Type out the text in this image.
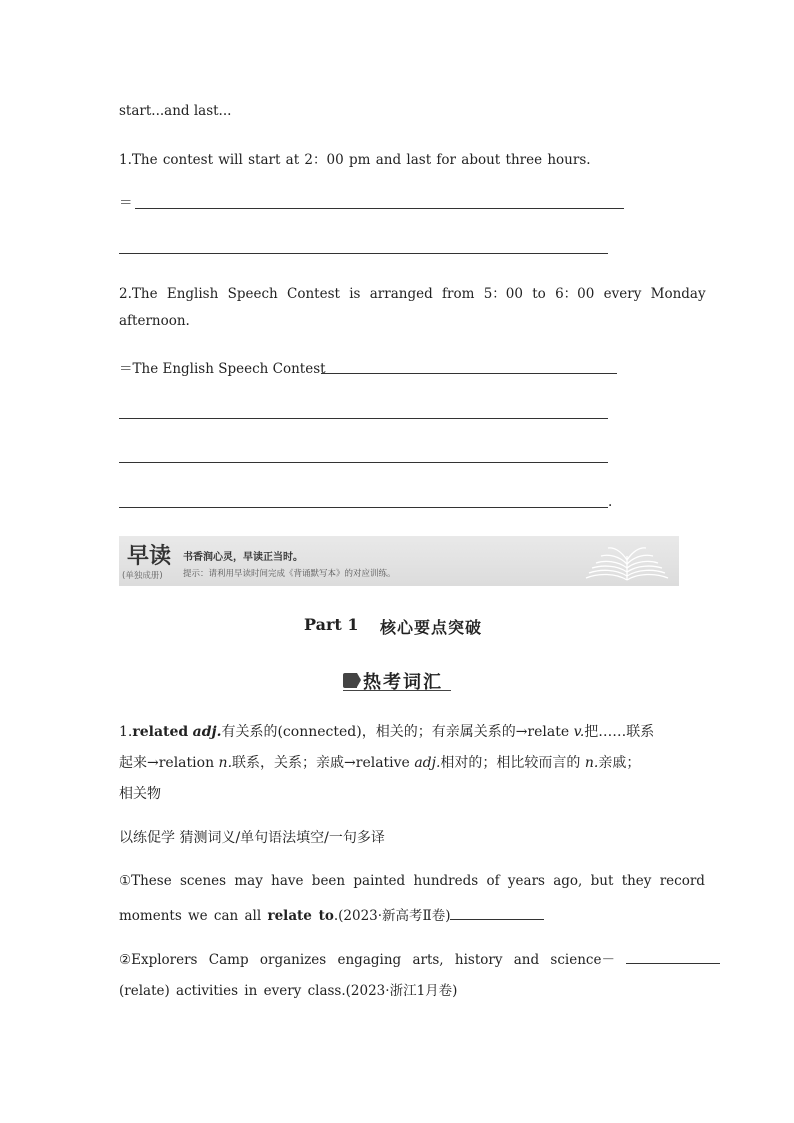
start...and last...
1.The contest will start at 2：00 pm and last for about three hours.
＝
2.The English Speech Contest is arranged from 5：00 to 6：00 every Monday
afternoon.
＝The English Speech Contest
.
早读
(单独成册)
书香润心灵，早读正当时。
提示：请利用早读时间完成《背诵默写本》的对应训练。
Part 1 核心要点突破
热考词汇
1.related adj.有关系的(connected)，相关的；有亲属关系的→relate v.把……联系
起来→relation n.联系，关系；亲戚→relative adj.相对的；相比较而言的 n.亲戚；
相关物
以练促学 猜测词义/单句语法填空/一句多译
①These scenes may have been painted hundreds of years ago, but they record
moments we can all relate to.(2023·新高考Ⅱ卷)
②Explorers Camp organizes engaging arts, history and science－
(relate) activities in every class.(2023·浙江1月卷)
